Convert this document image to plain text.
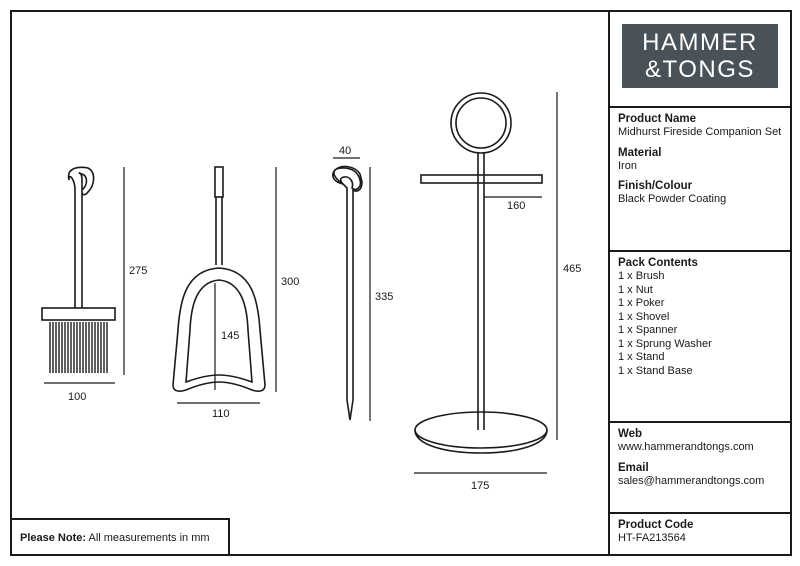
275
100
300
145
110
40
335
160
465
175
HAMMER
&TONGS
Product Name
Midhurst Fireside Companion Set
Material
Iron
Finish/Colour
Black Powder Coating
Pack Contents
1 x Brush
1 x Nut
1 x Poker
1 x Shovel
1 x Spanner
1 x Sprung Washer
1 x Stand
1 x Stand Base
Web
www.hammerandtongs.com
Email
sales@hammerandtongs.com
Product Code
HT-FA213564
Please Note: All measurements in mm
